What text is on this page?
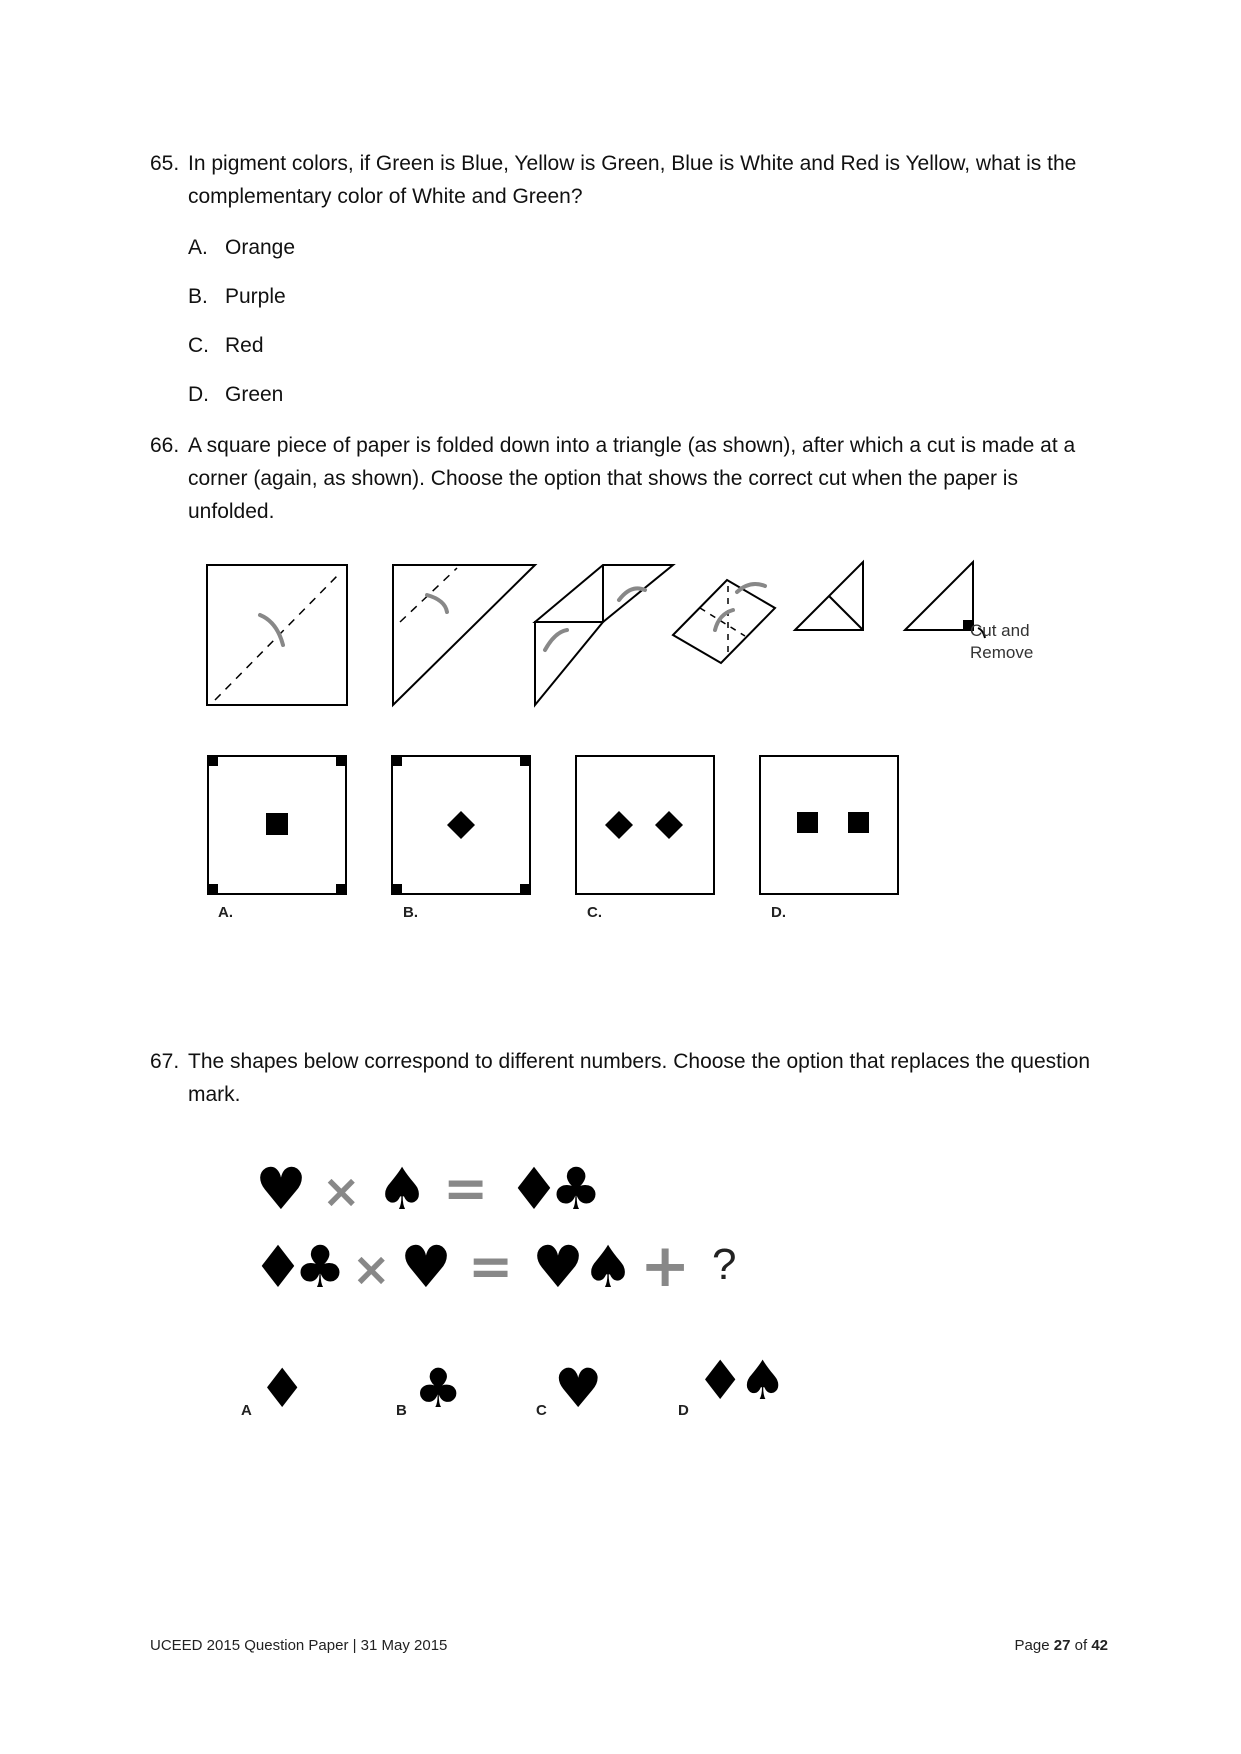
65. In pigment colors, if Green is Blue, Yellow is Green, Blue is White and Red is Yellow, what is the complementary color of White and Green?
A. Orange
B. Purple
C. Red
D. Green
66. A square piece of paper is folded down into a triangle (as shown), after which a cut is made at a corner (again, as shown). Choose the option that shows the correct cut when the paper is unfolded.
Cut and
Remove
A.	B.	C.	D.
67. The shapes below correspond to different numbers. Choose the option that replaces the question mark.
♥ × ♠ = ♦
♣
♦
♣ × ♥ = ♥
♠ + ?
A ♦	B ♣	C ♥	D ♦♠
UCEED 2015 Question Paper | 31 May 2015	Page 27 of 42
